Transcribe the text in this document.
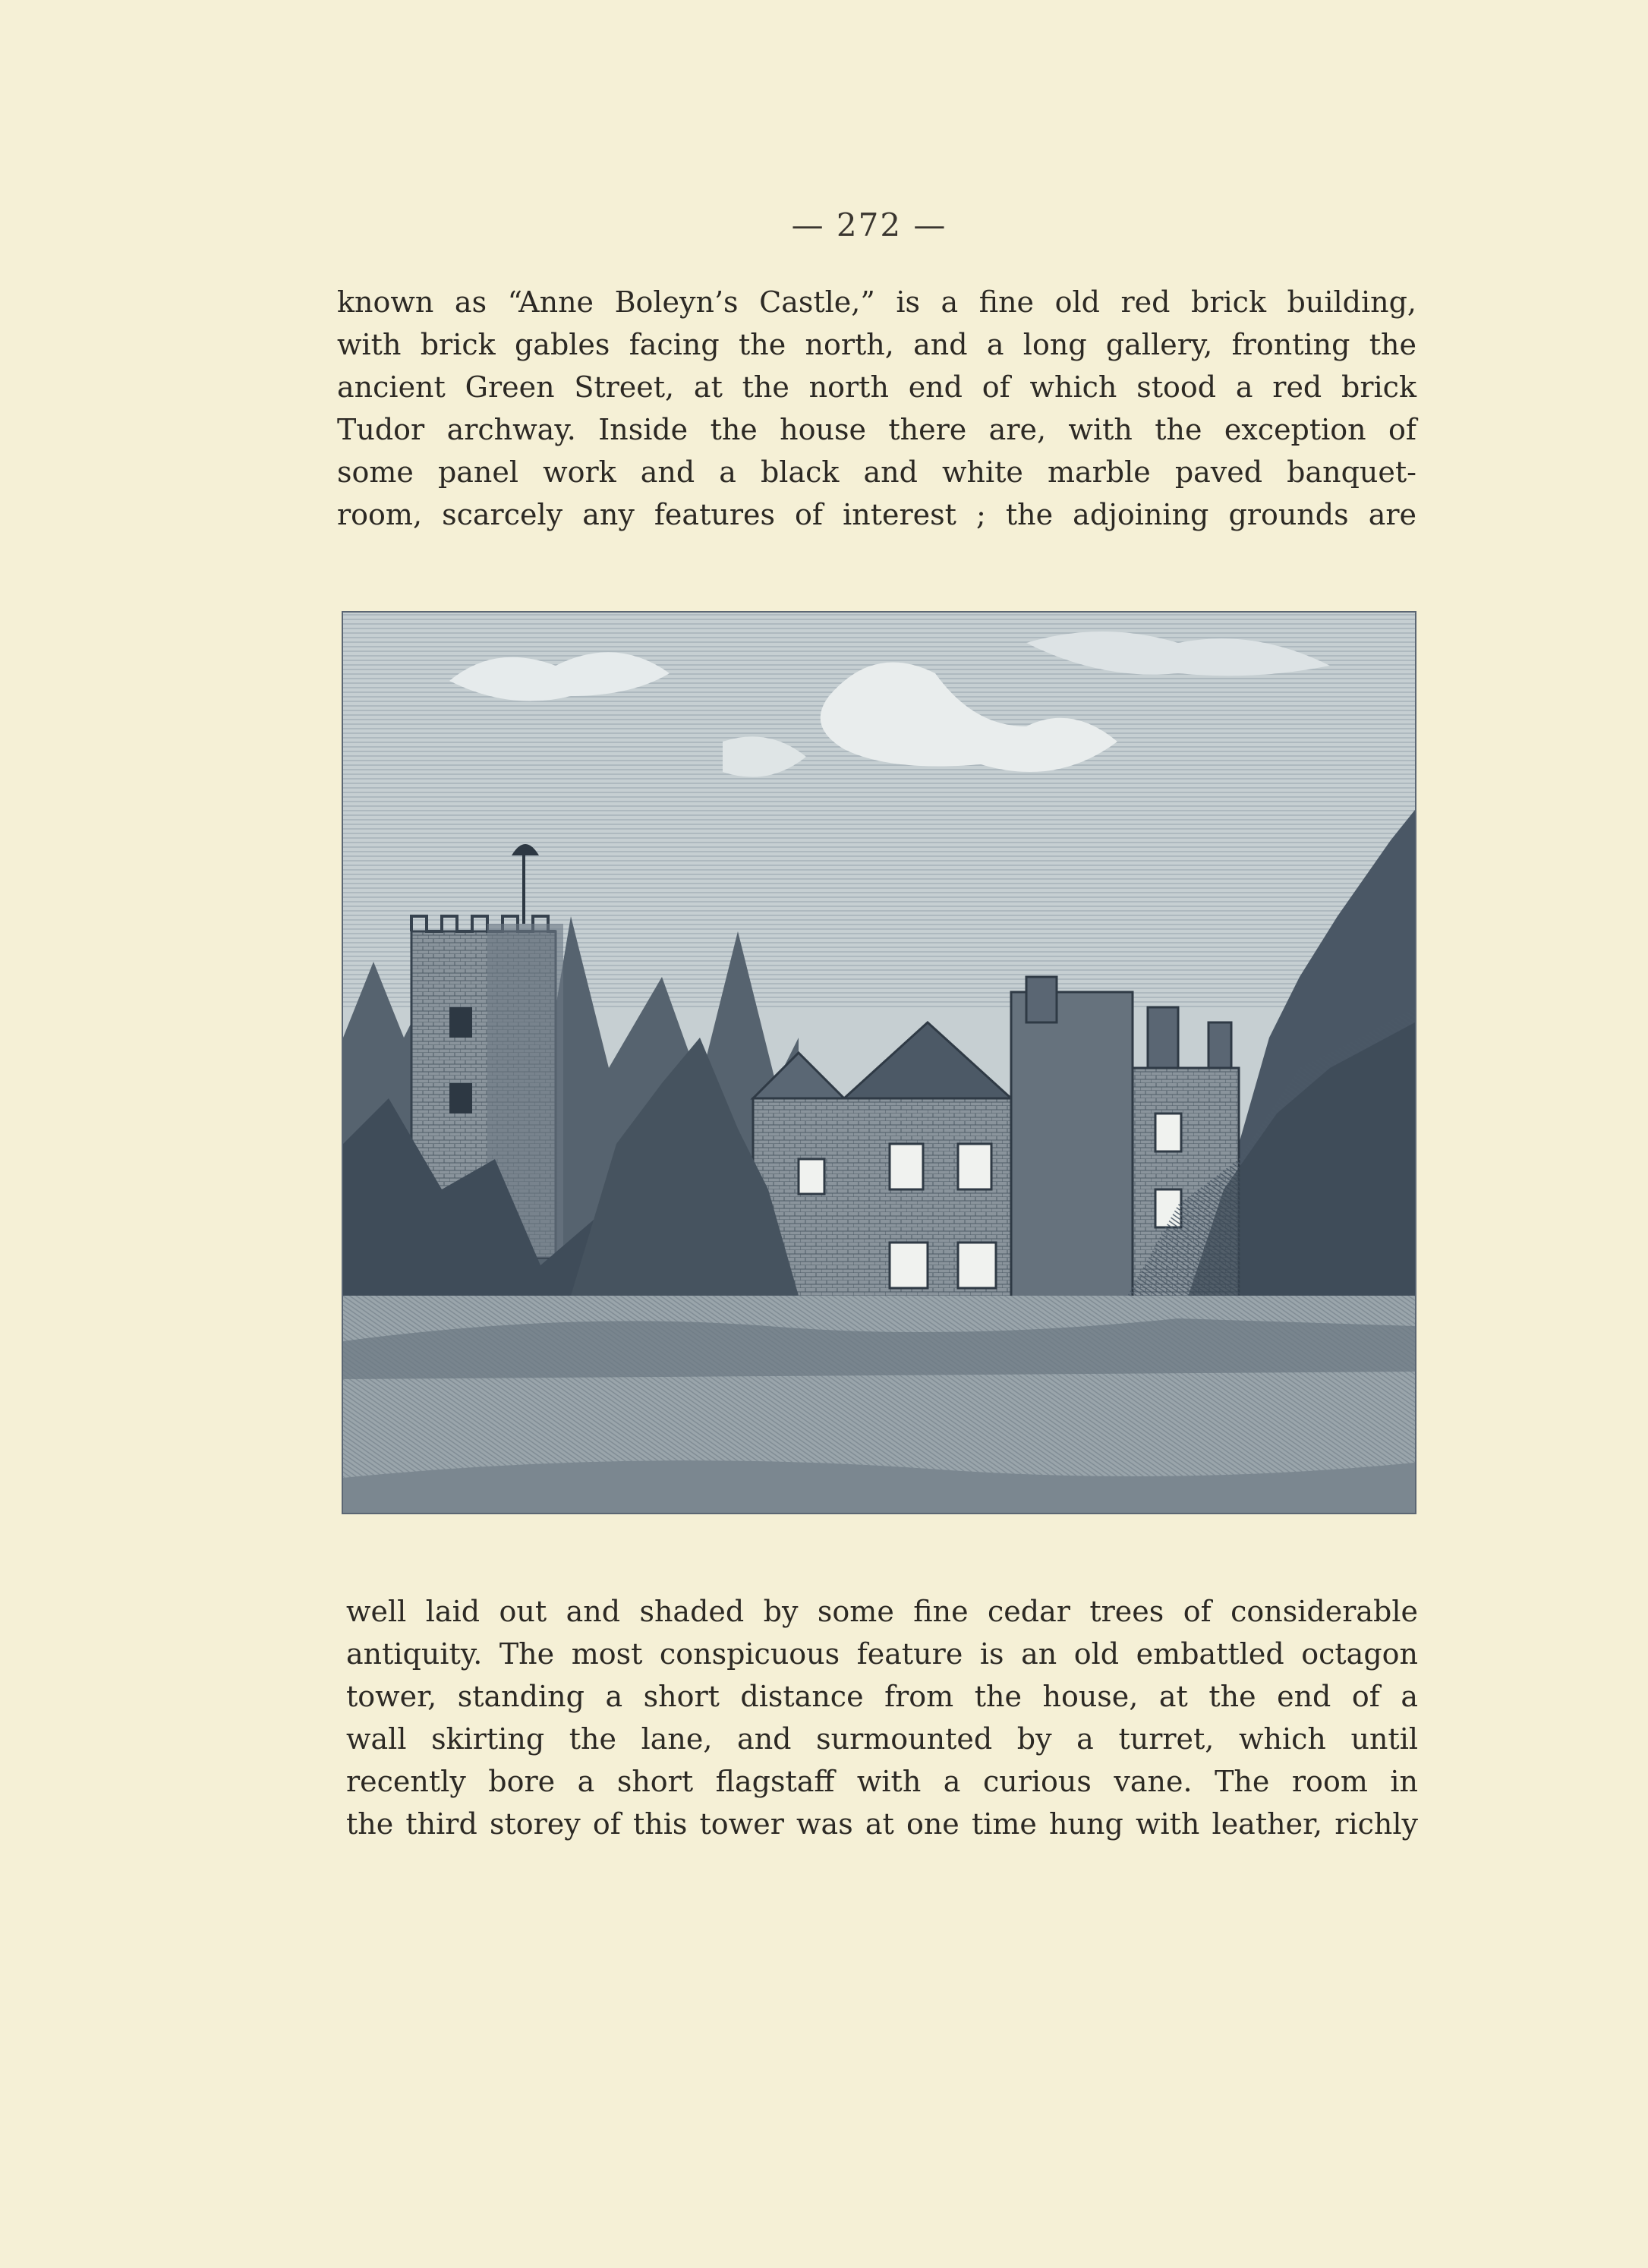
— 272 —
known as “Anne Boleyn’s Castle,” is a fine old red brick building,
with brick gables facing the north, and a long gallery, fronting the
ancient Green Street, at the north end of which stood a red brick
Tudor archway. Inside the house there are, with the exception of
some panel work and a black and white marble paved banquet-
room, scarcely any features of interest ; the adjoining grounds are
well laid out and shaded by some fine cedar trees of considerable
antiquity. The most conspicuous feature is an old embattled octagon
tower, standing a short distance from the house, at the end of a
wall skirting the lane, and surmounted by a turret, which until
recently bore a short flagstaff with a curious vane. The room in
the third storey of this tower was at one time hung with leather, richly
